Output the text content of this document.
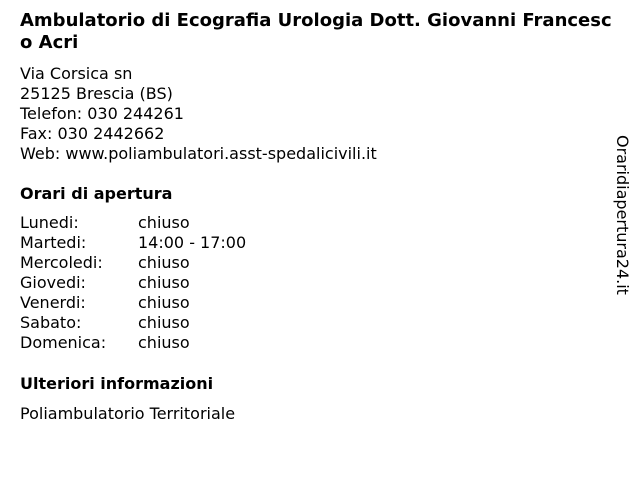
Ambulatorio di Ecografia Urologia Dott. Giovanni Francesco Acri
Via Corsica sn
25125 Brescia (BS)
Telefon: 030 244261
Fax: 030 2442662
Web: www.poliambulatori.asst-spedalicivili.it
Orari di apertura
Lunedi:	chiuso
Martedi:	14:00 - 17:00
Mercoledi:	chiuso
Giovedi:	chiuso
Venerdi:	chiuso
Sabato:	chiuso
Domenica:	chiuso
Ulteriori informazioni
Poliambulatorio Territoriale
Oraridiapertura24.it
